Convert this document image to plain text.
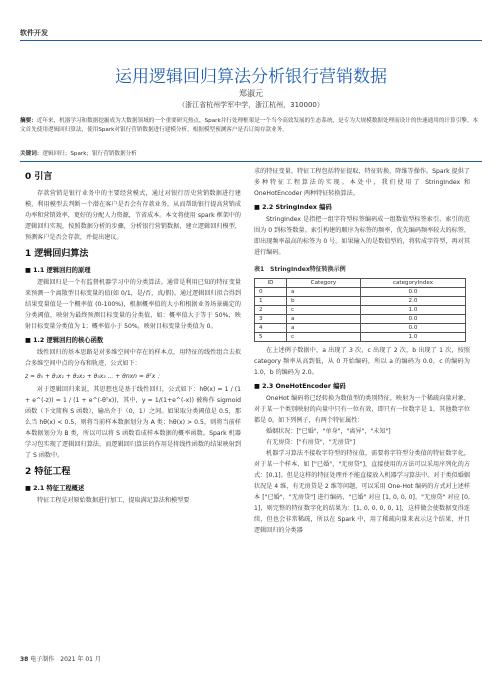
软件开发
运用逻辑回归算法分析银行营销数据
郑淑元
（浙江省杭州学军中学，浙江杭州，310000）
摘要：近年来，机器学习和数据挖掘成为大数据领域的一个重要研究热点，Spark并行处理框架是一个当今高效发展的生态系统，是专为大规模数据处理而设计的快速通用的计算引擎。本文首先使用逻辑回归算法，使用Spark对银行营销数据进行建模分析，根据模型预测客户是否订阅存款业务。
关键词：逻辑回归；Spark；银行营销数据分析
0 引言

存款营销是银行业务中的主要经营模式，通过对银行历史营销数据进行建模，利用模型去判断一个潜在客户是否会有存款业务，从而帮助银行提高营销成功率和营销效率，更好的分配人力资源，节省成本。本文将使用 spark 框架中的逻辑回归实现，按照数据分析的步骤，分析银行营销数据，建立逻辑回归模型，预测客户是否会存款，并提出建议。

1 逻辑回归算法
■ 1.1 逻辑回归的原理

逻辑回归是一个有监督机器学习中的分类算法。通常是利用已知的特征变量来预测一个离散型目标变量的值(如 0/1，是/否，真/假)。通过逻辑回归拟合得到结果变量值是一个概率值 (0-100%)，根据概率值的大小和根据业务场景确定的分类阈值，映射为最终预测目标变量的分类值，如：概率值大于等于 50%，映射目标变量分类值为 1；概率值小于 50%，映射目标变量分类值为 0。

■ 1.2 逻辑回归的核心函数

线性回归的基本思路是对多维空间中存在的样本点，用特征的线性组合去拟合多维空间中点的分布和轨迹，公式如下：

z = θ₀ + θ₁x₁ + θ₂x₂ + θ₃x₃ ... + θnxn = θᵀx ；

对于逻辑回归来说，其思想也是基于线性回归，公式如下：hθ(x) = 1 / (1 + e^(-z)) = 1 / (1 + e^(-θᵀx))，其中，y = 1/(1+e^(-x)) 被称作 sigmoid 函数（下文简称 S 函数），输出介于（0，1）之间。如果取分类阈值是 0.5，那么当 hθ(x) < 0.5，则将当前样本数据划分为 A 类；hθ(x) > 0.5，则将当前样本数据划分为 B 类，所以可以将 S 函数看成样本数据的概率函数。Spark 机器学习包实现了逻辑回归算法。而逻辑回归算法的作用是将线性函数的结果映射到了 S 函数中。

2 特征工程
■ 2.1 特征工程概述

特征工程是对原始数据进行加工，提取满足算法和模型要

求的特征变量。特征工程包括特征提取、特征转换、降维等操作。Spark 提供了多种特征工程算法的实现。本处中，我们使用了 StringIndex 和 OneHotEncoder 两种特征转换算法。

■ 2.2 StringIndex 编码

StringIndex 是指把一组字符型标签编码成一组数值型标签索引，索引的范围为 0 到标签数量。索引构建的顺序为标签的频率，优先编码频率较大的标签，即出现频率最高的标签为 0 号。如果输入的是数值型的，将转成字符型，再对其进行编码。

表1　StringIndex特征转换示例
ID	Category	categoryIndex
0	a	0.0
1	b	2.0
2	c	1.0
3	a	0.0
4	a	0.0
5	c	1.0

在上述例子数据中，a 出现了 3 次，c 出现了 2 次，b 出现了 1 次，按照 category 频率从高到低，从 0 开始编码，所以 a 的编码为 0.0，c 的编码为 1.0，b 的编码为 2.0。

■ 2.3 OneHotEncoder 编码

OneHot 编码将已经转换为数值型的类别特征，映射为一个稀疏向量对象，对于某一个类别映射的向量中只有一位有效，即只有一位数字是 1，其他数字位都是 0。如下列例子，有两个特征属性：

婚姻状况：["已婚"，"单身"，"离异"，"未知"]

有无房贷：["有房贷"，"无房贷"]

机器学习算法不接收字符型的特征值，需要将字符型分类值的特征数字化，对于某一个样本，如 ["已婚"，"无房贷"]，直接使用的方法可以采用序列化的方式：[0,1]。但是这样的特征处理并不能直接放入机器学习算法中。对于类似婚姻状况是 4 维，有无房贷是 2 维等问题，可以采用 One-Hot 编码的方式对上述样本 ["已婚"，"无房贷"] 进行编码，"已婚" 对应 [1, 0, 0, 0]，"无房贷" 对应 [0, 1]，则完整的特征数字化的结果为：[1, 0, 0, 0, 0, 1]，这样做会使数据变得连续，但也会非常稀疏，所以在 Spark 中，用了稀疏向量来表示这个结果，并且逻辑回归的分类器

38 电子制作　2021 年 01 月
